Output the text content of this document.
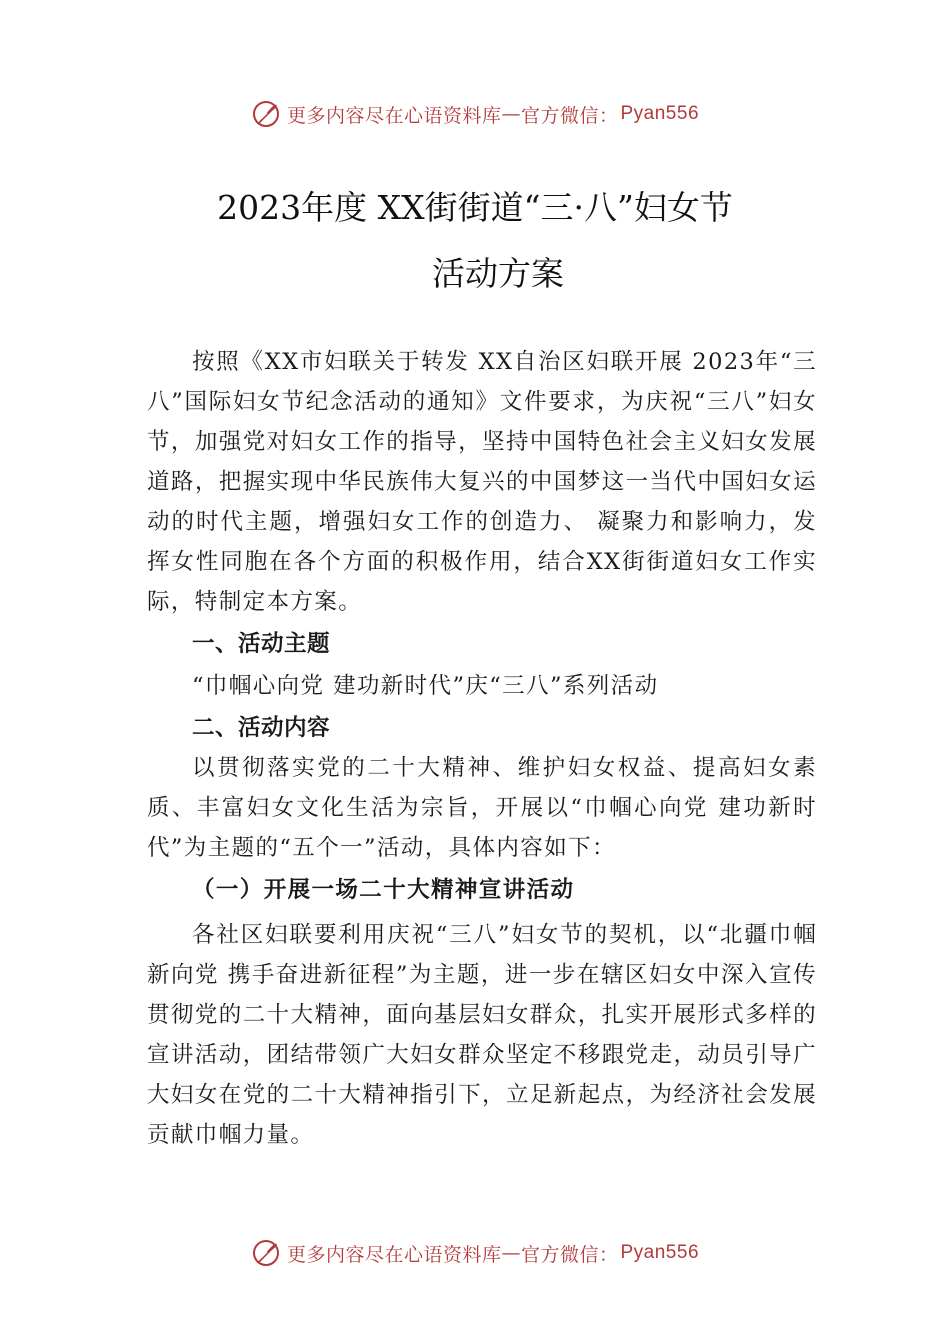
更多内容尽在心语资料库 — 官方微信： Pyan556
2023年度 XX街街道“三·八”妇女节
活动方案

按照《XX市妇联关于转发 XX自治区妇联开展 2023年“三八”国际妇女节纪念活动的通知》文件要求，为庆祝“三八”妇女节，加强党对妇女工作的指导，坚持中国特色社会主义妇女发展道路，把握实现中华民族伟大复兴的中国梦这一当代中国妇女运动的时代主题，增强妇女工作的创造力、 凝聚力和影响力，发挥女性同胞在各个方面的积极作用，结合XX街街道妇女工作实际，特制定本方案。

一、活动主题

“巾帼心向党 建功新时代”庆“三八”系列活动

二、活动内容

以贯彻落实党的二十大精神、维护妇女权益、提高妇女素质、丰富妇女文化生活为宗旨，开展以“巾帼心向党 建功新时代”为主题的“五个一”活动，具体内容如下：

（一）开展一场二十大精神宣讲活动

各社区妇联要利用庆祝“三八”妇女节的契机，以“北疆巾帼新向党 携手奋进新征程”为主题，进一步在辖区妇女中深入宣传贯彻党的二十大精神，面向基层妇女群众，扎实开展形式多样的宣讲活动，团结带领广大妇女群众坚定不移跟党走，动员引导广大妇女在党的二十大精神指引下，立足新起点，为经济社会发展贡献巾帼力量。

更多内容尽在心语资料库 — 官方微信： Pyan556
